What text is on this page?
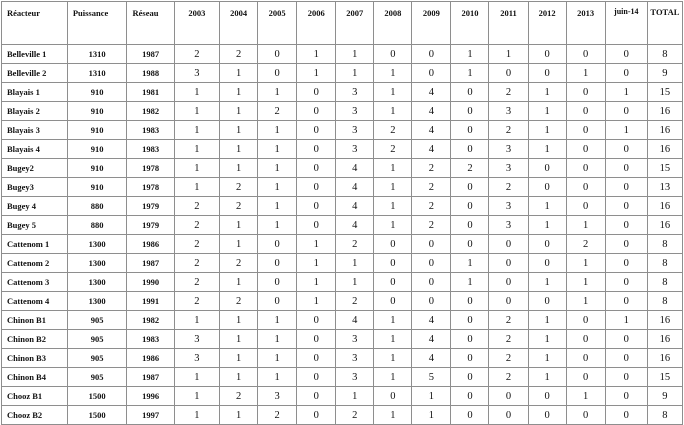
Réacteur	Puissance	Réseau	2003	2004	2005	2006	2007	2008	2009	2010	2011	2012	2013	juin-14	TOTAL
Belleville 1	1310	1987	2	2	0	1	1	0	0	1	1	0	0	0	8
Belleville 2	1310	1988	3	1	0	1	1	1	0	1	0	0	1	0	9
Blayais 1	910	1981	1	1	1	0	3	1	4	0	2	1	0	1	15
Blayais 2	910	1982	1	1	2	0	3	1	4	0	3	1	0	0	16
Blayais 3	910	1983	1	1	1	0	3	2	4	0	2	1	0	1	16
Blayais 4	910	1983	1	1	1	0	3	2	4	0	3	1	0	0	16
Bugey2	910	1978	1	1	1	0	4	1	2	2	3	0	0	0	15
Bugey3	910	1978	1	2	1	0	4	1	2	0	2	0	0	0	13
Bugey 4	880	1979	2	2	1	0	4	1	2	0	3	1	0	0	16
Bugey 5	880	1979	2	1	1	0	4	1	2	0	3	1	1	0	16
Cattenom 1	1300	1986	2	1	0	1	2	0	0	0	0	0	2	0	8
Cattenom 2	1300	1987	2	2	0	1	1	0	0	1	0	0	1	0	8
Cattenom 3	1300	1990	2	1	0	1	1	0	0	1	0	1	1	0	8
Cattenom 4	1300	1991	2	2	0	1	2	0	0	0	0	0	1	0	8
Chinon B1	905	1982	1	1	1	0	4	1	4	0	2	1	0	1	16
Chinon B2	905	1983	3	1	1	0	3	1	4	0	2	1	0	0	16
Chinon B3	905	1986	3	1	1	0	3	1	4	0	2	1	0	0	16
Chinon B4	905	1987	1	1	1	0	3	1	5	0	2	1	0	0	15
Chooz B1	1500	1996	1	2	3	0	1	0	1	0	0	0	1	0	9
Chooz B2	1500	1997	1	1	2	0	2	1	1	0	0	0	0	0	8
